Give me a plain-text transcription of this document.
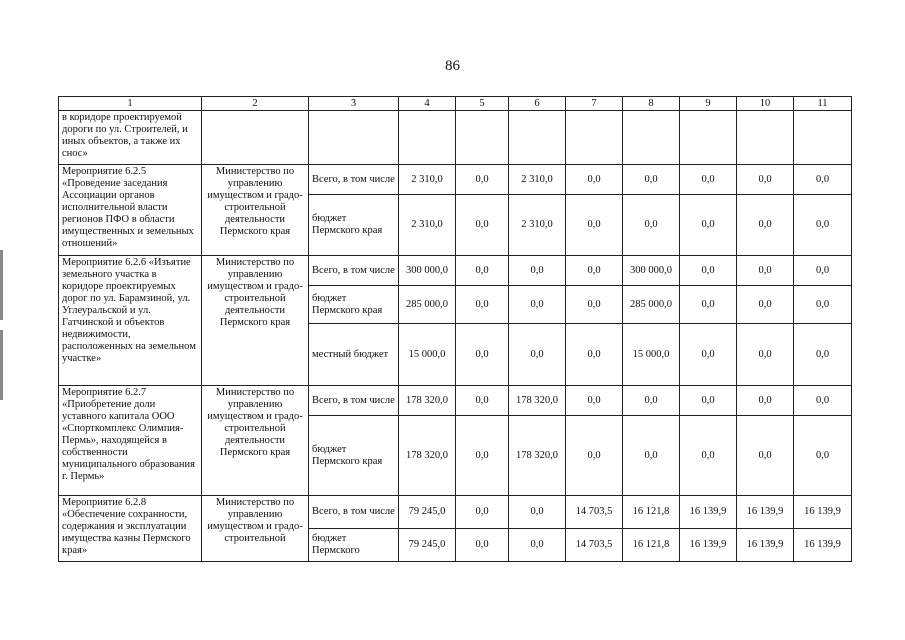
86
1	2	3	4	5	6	7	8	9	10	11
в коридоре проектируемой дороги по ул. Строителей, и иных объектов, а также их снос»										
Мероприятие 6.2.5 «Проведение заседания Ассоциации органов исполнительной власти регионов ПФО в области имущественных и земельных отношений»	Министерство по управлению имуществом и градо-строительной деятельности Пермского края	Всего, в том числе	2 310,0	0,0	2 310,0	0,0	0,0	0,0	0,0	0,0
		бюджет Пермского края	2 310,0	0,0	2 310,0	0,0	0,0	0,0	0,0	0,0
Мероприятие 6.2.6 «Изъятие земельного участка в коридоре проектируемых дорог по ул. Барамзиной, ул. Углеуральской и ул. Гатчинской и объектов недвижимости, расположенных на земельном участке»	Министерство по управлению имуществом и градо-строительной деятельности Пермского края	Всего, в том числе	300 000,0	0,0	0,0	0,0	300 000,0	0,0	0,0	0,0
		бюджет Пермского края	285 000,0	0,0	0,0	0,0	285 000,0	0,0	0,0	0,0
		местный бюджет	15 000,0	0,0	0,0	0,0	15 000,0	0,0	0,0	0,0
Мероприятие 6.2.7 «Приобретение доли уставного капитала ООО «Спорткомплекс Олимпия-Пермь», находящейся в собственности муниципального образования г. Пермь»	Министерство по управлению имуществом и градо-строительной деятельности Пермского края	Всего, в том числе	178 320,0	0,0	178 320,0	0,0	0,0	0,0	0,0	0,0
		бюджет Пермского края	178 320,0	0,0	178 320,0	0,0	0,0	0,0	0,0	0,0
Мероприятие 6.2.8 «Обеспечение сохранности, содержания и эксплуатации имущества казны Пермского края»	Министерство по управлению имуществом и градо-строительной	Всего, в том числе	79 245,0	0,0	0,0	14 703,5	16 121,8	16 139,9	16 139,9	16 139,9
		бюджет Пермского	79 245,0	0,0	0,0	14 703,5	16 121,8	16 139,9	16 139,9	16 139,9
